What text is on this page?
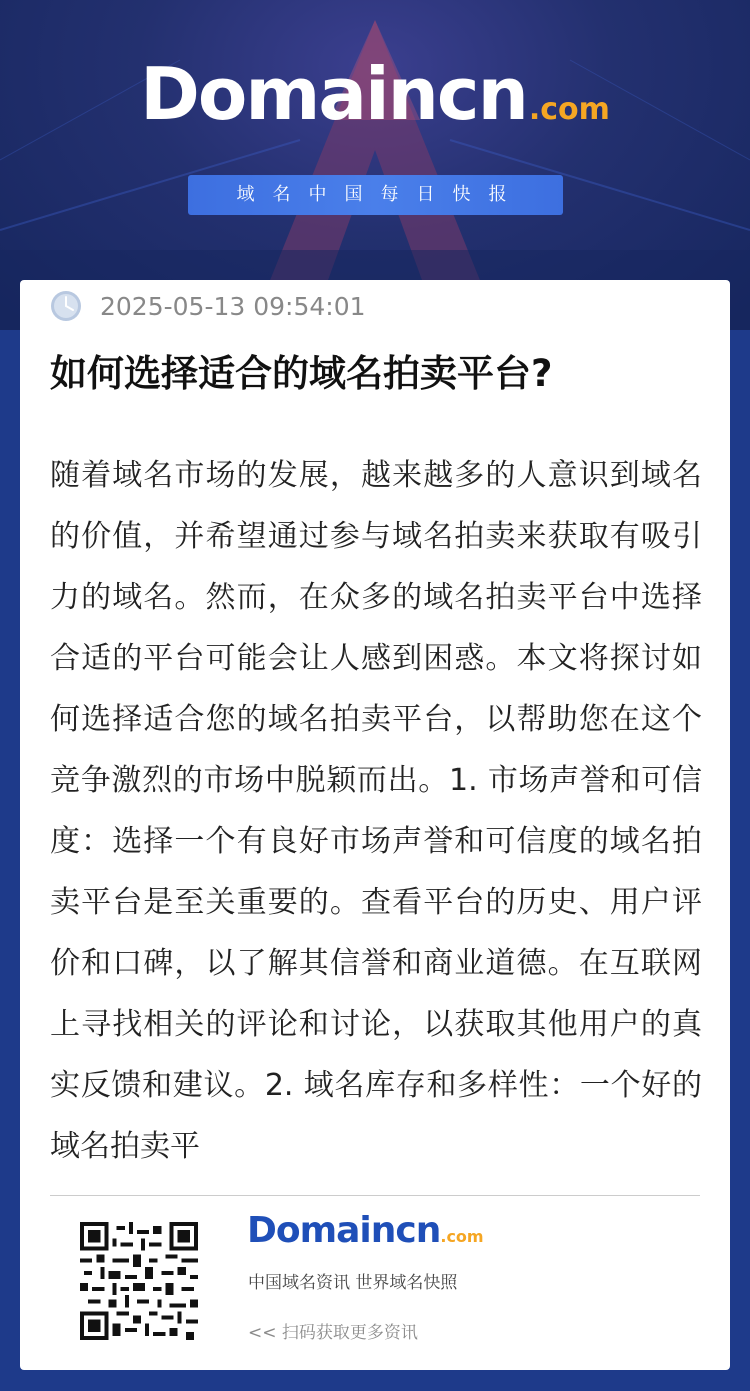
Domaincn.com
域名中国每日快报
2025-05-13 09:54:01
如何选择适合的域名拍卖平台?
随着域名市场的发展，越来越多的人意识到域名的价值，并希望通过参与域名拍卖来获取有吸引力的域名。然而，在众多的域名拍卖平台中选择合适的平台可能会让人感到困惑。本文将探讨如何选择适合您的域名拍卖平台，以帮助您在这个竞争激烈的市场中脱颖而出。1. 市场声誉和可信度：选择一个有良好市场声誉和可信度的域名拍卖平台是至关重要的。查看平台的历史、用户评价和口碑，以了解其信誉和商业道德。在互联网上寻找相关的评论和讨论，以获取其他用户的真实反馈和建议。2. 域名库存和多样性：一个好的域名拍卖平
Domaincn.com
中国域名资讯 世界域名快照
<< 扫码获取更多资讯
